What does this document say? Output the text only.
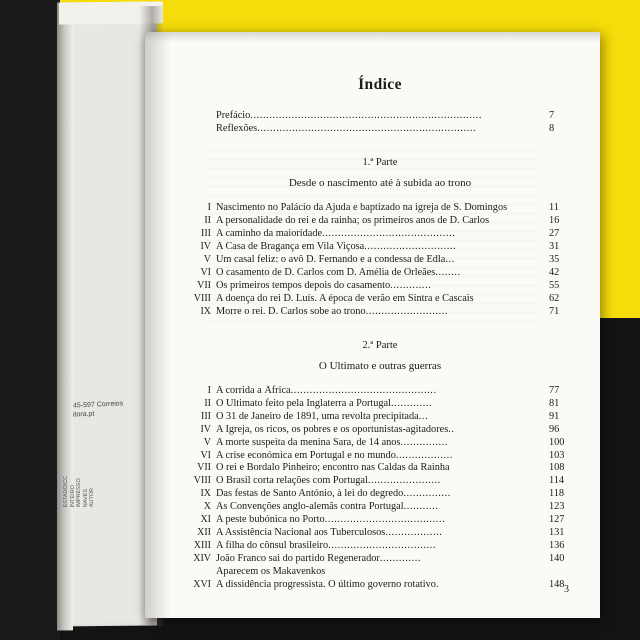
45-597 Correios itora.pt
ESTADO/CC INTEIRO IMPRESSO NAVES AUTOR
Índice
Prefácio.........................................................................	7
Reflexões.....................................................................	8

1.ª Parte

Desde o nascimento até à subida ao trono

I Nascimento no Palácio da Ajuda e baptizado na igreja de S. Domingos	11
II A personalidade do rei e da rainha; os primeiros anos de D. Carlos	16
III A caminho da maioridade..........................................	27
IV A Casa de Bragança em Vila Viçosa.............................	31
V Um casal feliz: o avô D. Fernando e a condessa de Edla...	35
VI O casamento de D. Carlos com D. Amélia de Orleães........	42
VII Os primeiros tempos depois do casamento.............	55
VIII A doença do rei D. Luís. A época de verão em Sintra e Cascais	62
IX Morre o rei. D. Carlos sobe ao trono..........................	71

2.ª Parte

O Ultimato e outras guerras

I A corrida a África..............................................	77
II O Ultimato feito pela Inglaterra a Portugal.............	81
III O 31 de Janeiro de 1891, uma revolta precipitada...	91
IV A Igreja, os ricos, os pobres e os oportunistas-agitadores..	96
V A morte suspeita da menina Sara, de 14 anos...............	100
VI A crise económica em Portugal e no mundo..................	103
VII O rei e Bordalo Pinheiro; encontro nas Caldas da Rainha	108
VIII O Brasil corta relações com Portugal.......................	114
IX Das festas de Santo António, à lei do degredo...............	118
X As Convenções anglo-alemãs contra Portugal...........	123
XI A peste bubónica no Porto......................................	127
XII A Assistência Nacional aos Tuberculosos..................	131
XIII A filha do cônsul brasileiro..................................	136
XIV João Franco sai do partido Regenerador.............	140
Aparecem os Makavenkos
XVI A dissidência progressista. O último governo rotativo.	148 3
